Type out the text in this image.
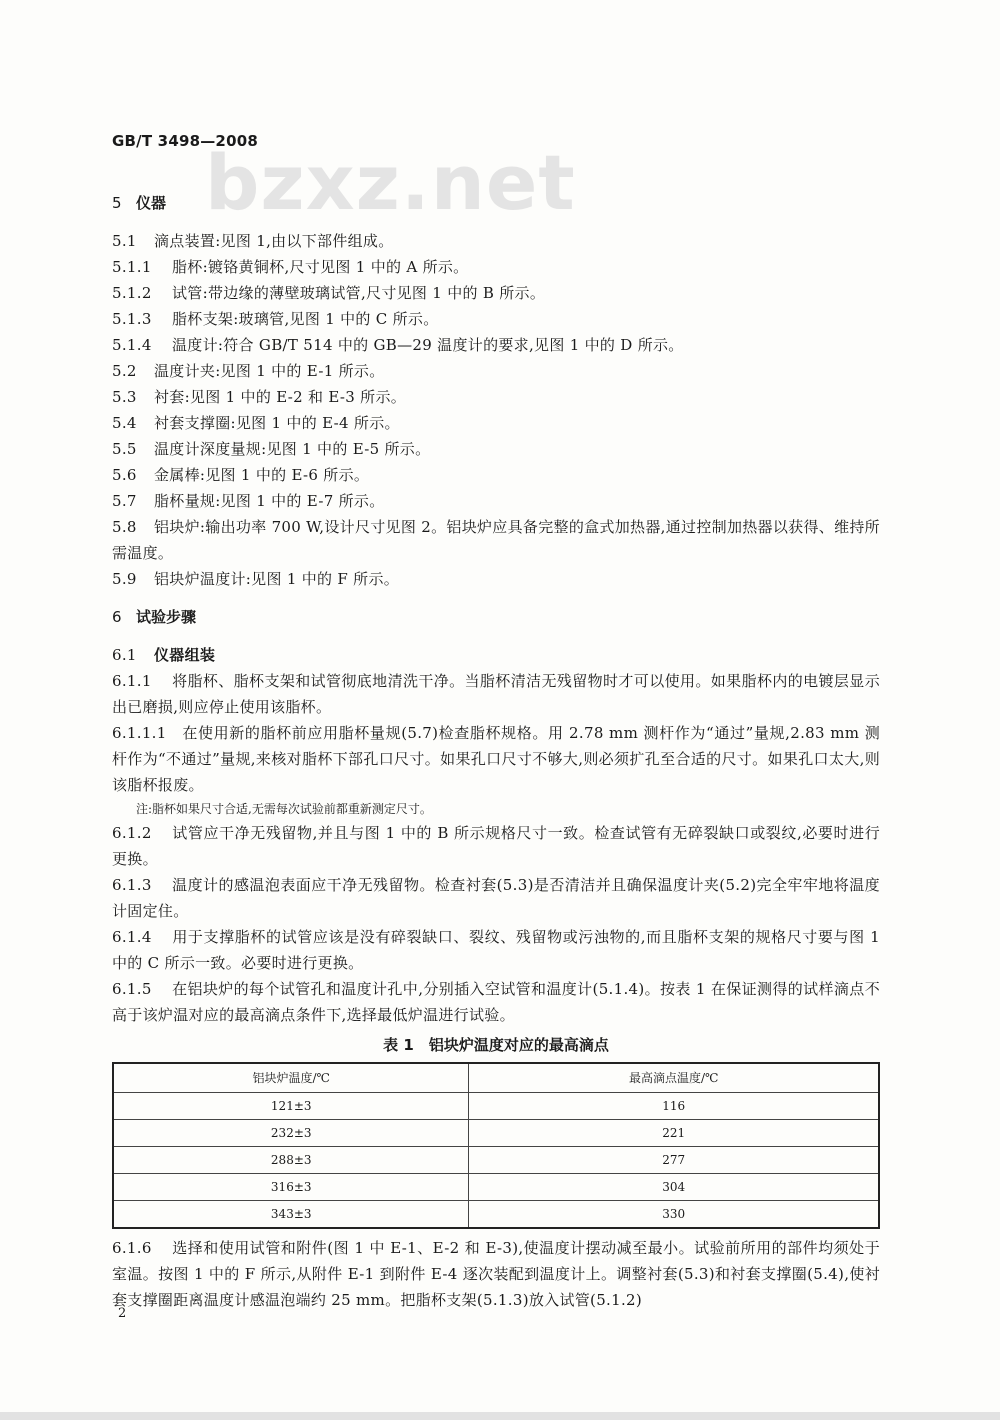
GB/T 3498—2008
bzxz.net
5 仪器

5.1 滴点装置:见图 1,由以下部件组成。

5.1.1 脂杯:镀铬黄铜杯,尺寸见图 1 中的 A 所示。

5.1.2 试管:带边缘的薄壁玻璃试管,尺寸见图 1 中的 B 所示。

5.1.3 脂杯支架:玻璃管,见图 1 中的 C 所示。

5.1.4 温度计:符合 GB/T 514 中的 GB—29 温度计的要求,见图 1 中的 D 所示。

5.2 温度计夹:见图 1 中的 E-1 所示。

5.3 衬套:见图 1 中的 E-2 和 E-3 所示。

5.4 衬套支撑圈:见图 1 中的 E-4 所示。

5.5 温度计深度量规:见图 1 中的 E-5 所示。

5.6 金属棒:见图 1 中的 E-6 所示。

5.7 脂杯量规:见图 1 中的 E-7 所示。

5.8 铝块炉:输出功率 700 W,设计尺寸见图 2。铝块炉应具备完整的盒式加热器,通过控制加热器以获得、维持所需温度。

5.9 铝块炉温度计:见图 1 中的 F 所示。

6 试验步骤

6.1 仪器组装

6.1.1 将脂杯、脂杯支架和试管彻底地清洗干净。当脂杯清洁无残留物时才可以使用。如果脂杯内的电镀层显示出已磨损,则应停止使用该脂杯。

6.1.1.1 在使用新的脂杯前应用脂杯量规(5.7)检查脂杯规格。用 2.78 mm 测杆作为“通过”量规,2.83 mm 测杆作为“不通过”量规,来核对脂杯下部孔口尺寸。如果孔口尺寸不够大,则必须扩孔至合适的尺寸。如果孔口太大,则该脂杯报废。

注:脂杯如果尺寸合适,无需每次试验前都重新测定尺寸。

6.1.2 试管应干净无残留物,并且与图 1 中的 B 所示规格尺寸一致。检查试管有无碎裂缺口或裂纹,必要时进行更换。

6.1.3 温度计的感温泡表面应干净无残留物。检查衬套(5.3)是否清洁并且确保温度计夹(5.2)完全牢牢地将温度计固定住。

6.1.4 用于支撑脂杯的试管应该是没有碎裂缺口、裂纹、残留物或污浊物的,而且脂杯支架的规格尺寸要与图 1 中的 C 所示一致。必要时进行更换。

6.1.5 在铝块炉的每个试管孔和温度计孔中,分别插入空试管和温度计(5.1.4)。按表 1 在保证测得的试样滴点不高于该炉温对应的最高滴点条件下,选择最低炉温进行试验。

表 1　铝块炉温度对应的最高滴点
铝块炉温度/℃	最高滴点温度/℃
121±3	116
232±3	221
288±3	277
316±3	304
343±3	330

6.1.6 选择和使用试管和附件(图 1 中 E-1、E-2 和 E-3),使温度计摆动减至最小。试验前所用的部件均须处于室温。按图 1 中的 F 所示,从附件 E-1 到附件 E-4 逐次装配到温度计上。调整衬套(5.3)和衬套支撑圈(5.4),使衬套支撑圈距离温度计感温泡端约 25 mm。把脂杯支架(5.1.3)放入试管(5.1.2)

2
